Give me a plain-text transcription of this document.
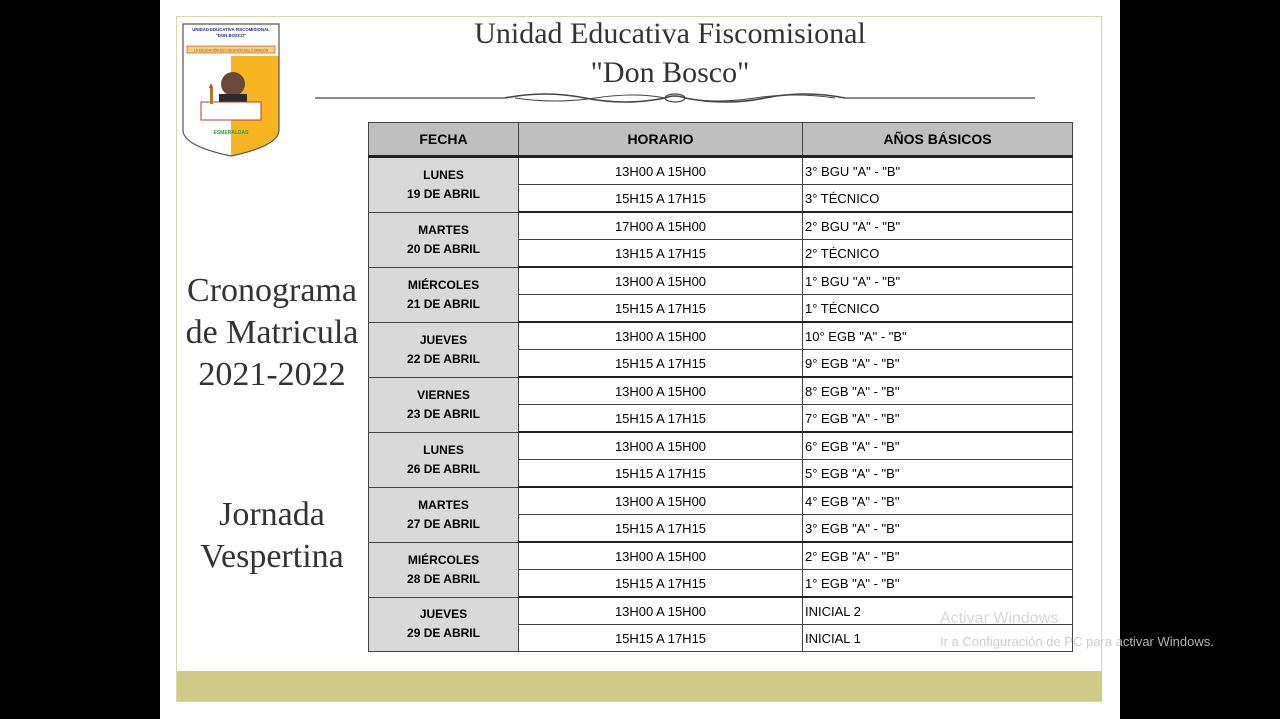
UNIDAD EDUCATIVA FISCOMISIONAL
"DON BOSCO"
LA EDUCACIÓN ES CUESTIÓN DEL CORAZÓN
ESMERALDAS
Unidad Educativa Fiscomisional
"Don Bosco"
Cronograma
de Matricula
2021-2022
Jornada
Vespertina
FECHA	HORARIO	AÑOS BÁSICOS

LUNES
19 DE ABRIL	13H00 A 15H00	3° BGU "A" - "B"
	15H15 A 17H15	3° TÉCNICO

MARTES
20 DE ABRIL	17H00 A 15H00	2° BGU "A" - "B"
	13H15 A 17H15	2° TÉCNICO

MIÉRCOLES
21 DE ABRIL	13H00 A 15H00	1° BGU "A" - "B"
	15H15 A 17H15	1° TÉCNICO

JUEVES
22 DE ABRIL	13H00 A 15H00	10° EGB "A" - "B"
	15H15 A 17H15	9° EGB "A" - "B"

VIERNES
23 DE ABRIL	13H00 A 15H00	8° EGB "A" - "B"
	15H15 A 17H15	7° EGB "A" - "B"

LUNES
26 DE ABRIL	13H00 A 15H00	6° EGB "A" - "B"
	15H15 A 17H15	5° EGB "A" - "B"

MARTES
27 DE ABRIL	13H00 A 15H00	4° EGB "A" - "B"
	15H15 A 17H15	3° EGB "A" - "B"

MIÉRCOLES
28 DE ABRIL	13H00 A 15H00	2° EGB "A" - "B"
	15H15 A 17H15	1° EGB "A" - "B"

JUEVES
29 DE ABRIL	13H00 A 15H00	INICIAL 2
	15H15 A 17H15	INICIAL 1
Activar Windows
Ir a Configuración de PC para activar Windows.
